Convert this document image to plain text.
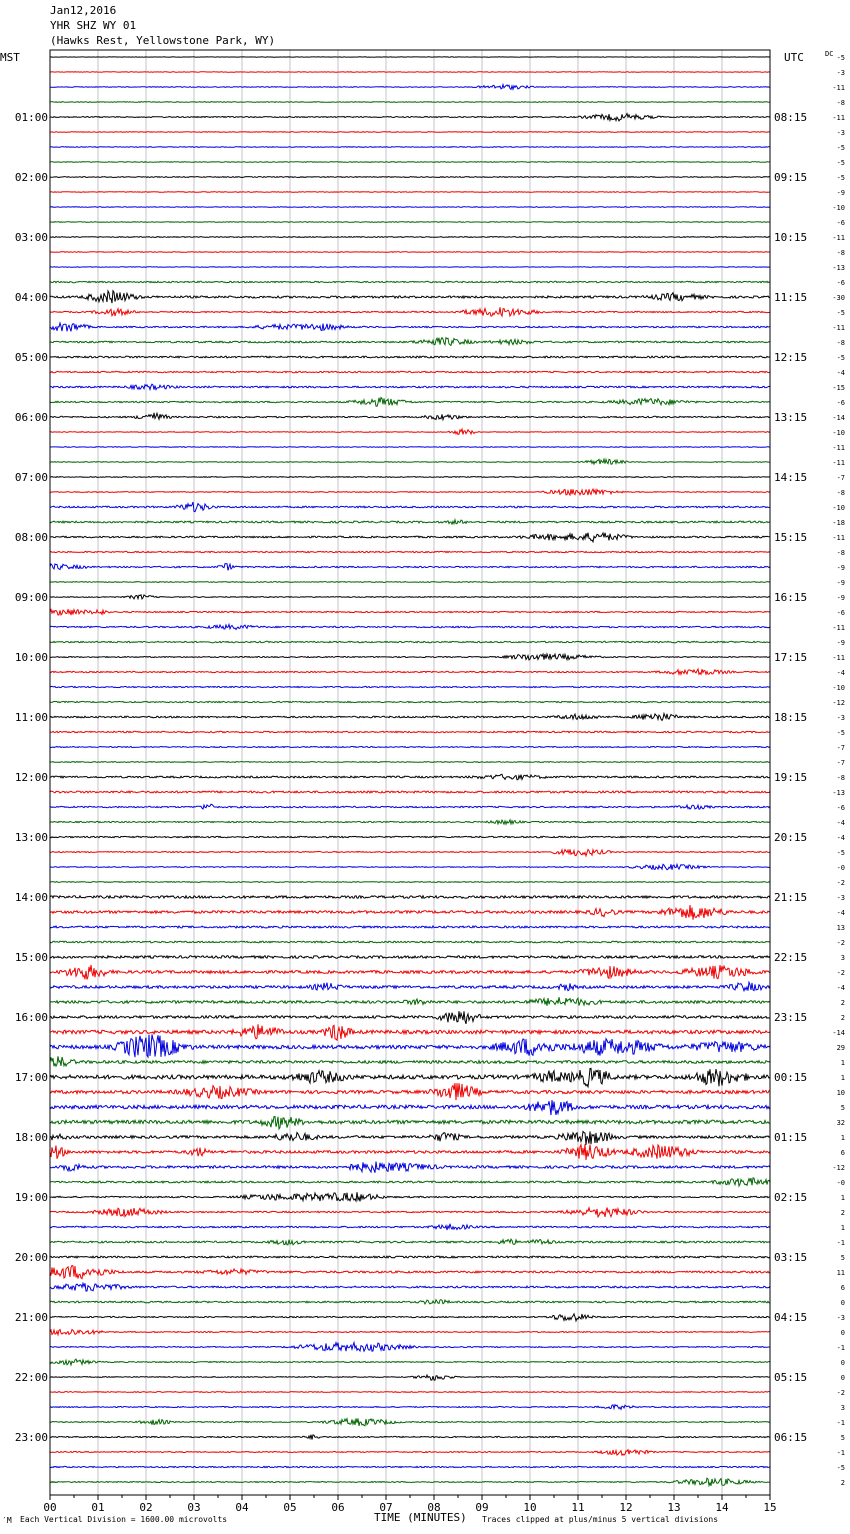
Jan12,2016
YHR SHZ WY 01
(Hawks Rest, Yellowstone Park, WY)
MST	UTC	DC
00	01	02	03	04	05	06	07	08	09	10	11	12	13	14	15
-5
-3
-11
-8
-11
-3
-5
-5
-5
-9
-10
-6
-11
-8
-13
-6
-30
-5
-11
-8
-5
-4
-15
-6
-14
-10
-11
-11
-7
-8
-10
-18
-11
-8
-9
-9
-9
-6
-11
-9
-11
-4
-10
-12
-3
-5
-7
-7
-8
-13
-6
-4
-4
-5
-0
-2
-3
-4
13
-2
3
-2
-4
2
2
-14
29
1
1
10
5
32
1
6
-12
-0
1
2
1
-1
5
11
6
0
-3
0
-1
0
0
-2
3
-1
5
-1
-5
2
01:00	08:15
02:00	09:15
03:00	10:15
04:00	11:15
05:00	12:15
06:00	13:15
07:00	14:15
08:00	15:15
09:00	16:15
10:00	17:15
11:00	18:15
12:00	19:15
13:00	20:15
14:00	21:15
15:00	22:15
16:00	23:15
17:00	00:15
18:00	01:15
19:00	02:15
20:00	03:15
21:00	04:15
22:00	05:15
23:00	06:15
′M Each Vertical Division = 1600.00 microvolts	TIME (MINUTES) Traces clipped at plus/minus 5 vertical divisions
